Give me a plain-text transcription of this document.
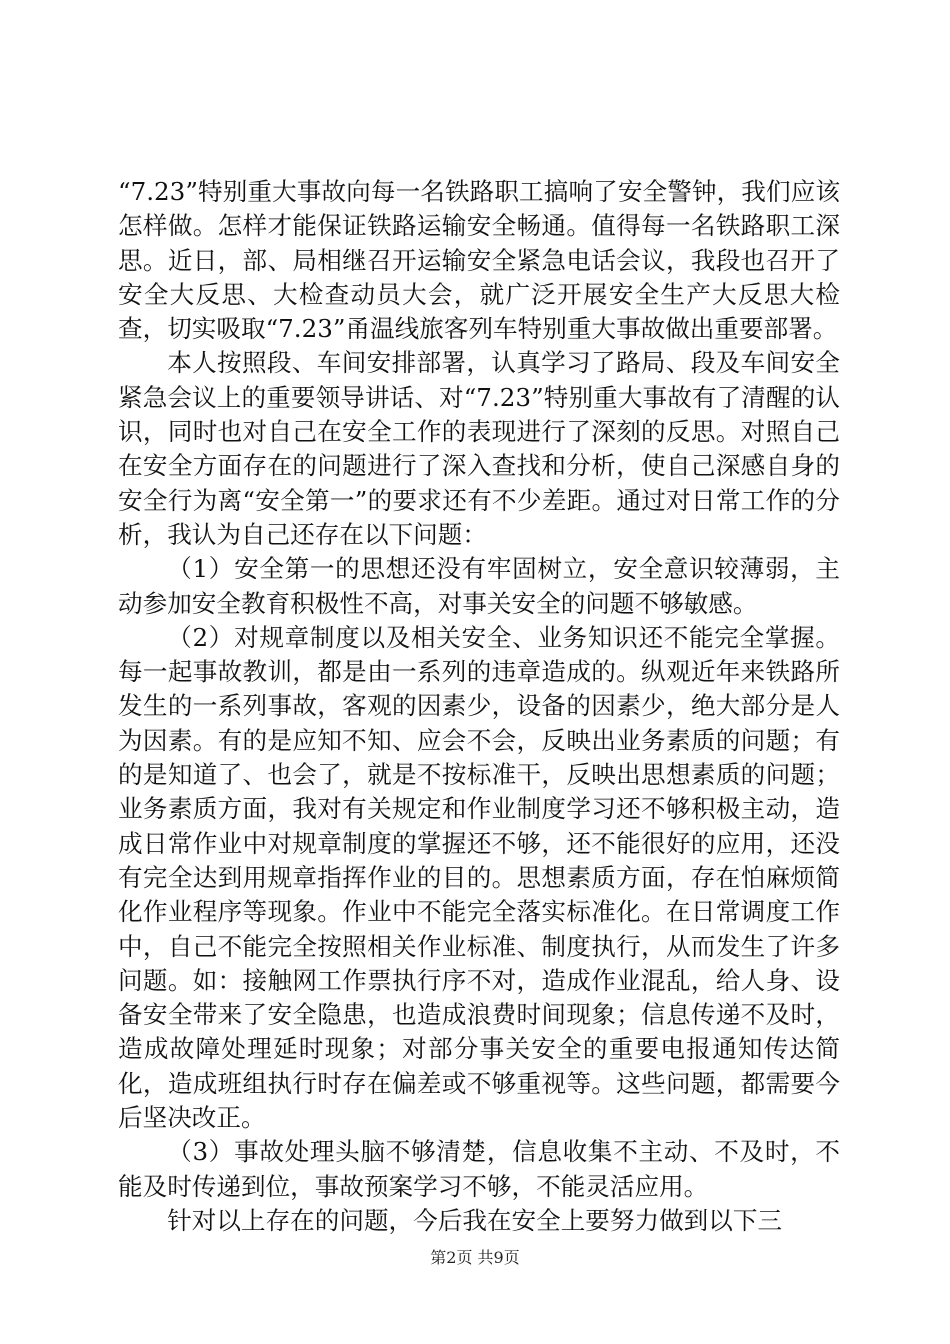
“7.23”特别重大事故向每一名铁路职工搞响了安全警钟，我们应该怎样做。怎样才能保证铁路运输安全畅通。值得每一名铁路职工深思。近日，部、局相继召开运输安全紧急电话会议，我段也召开了安全大反思、大检查动员大会，就广泛开展安全生产大反思大检查，切实吸取“7.23”甬温线旅客列车特别重大事故做出重要部署。

本人按照段、车间安排部署，认真学习了路局、段及车间安全紧急会议上的重要领导讲话、对“7.23”特别重大事故有了清醒的认识，同时也对自己在安全工作的表现进行了深刻的反思。对照自己在安全方面存在的问题进行了深入查找和分析，使自己深感自身的安全行为离“安全第一”的要求还有不少差距。通过对日常工作的分析，我认为自己还存在以下问题：

（1）安全第一的思想还没有牢固树立，安全意识较薄弱，主动参加安全教育积极性不高，对事关安全的问题不够敏感。

（2）对规章制度以及相关安全、业务知识还不能完全掌握。每一起事故教训，都是由一系列的违章造成的。纵观近年来铁路所发生的一系列事故，客观的因素少，设备的因素少，绝大部分是人为因素。有的是应知不知、应会不会，反映出业务素质的问题；有的是知道了、也会了，就是不按标准干，反映出思想素质的问题；业务素质方面，我对有关规定和作业制度学习还不够积极主动，造成日常作业中对规章制度的掌握还不够，还不能很好的应用，还没有完全达到用规章指挥作业的目的。思想素质方面，存在怕麻烦简化作业程序等现象。作业中不能完全落实标准化。在日常调度工作中，自己不能完全按照相关作业标准、制度执行，从而发生了许多问题。如：接触网工作票执行序不对，造成作业混乱，给人身、设备安全带来了安全隐患，也造成浪费时间现象；信息传递不及时，造成故障处理延时现象；对部分事关安全的重要电报通知传达简化，造成班组执行时存在偏差或不够重视等。这些问题，都需要今后坚决改正。

（3）事故处理头脑不够清楚，信息收集不主动、不及时，不能及时传递到位，事故预案学习不够，不能灵活应用。

针对以上存在的问题，今后我在安全上要努力做到以下三

第2页 共9页
